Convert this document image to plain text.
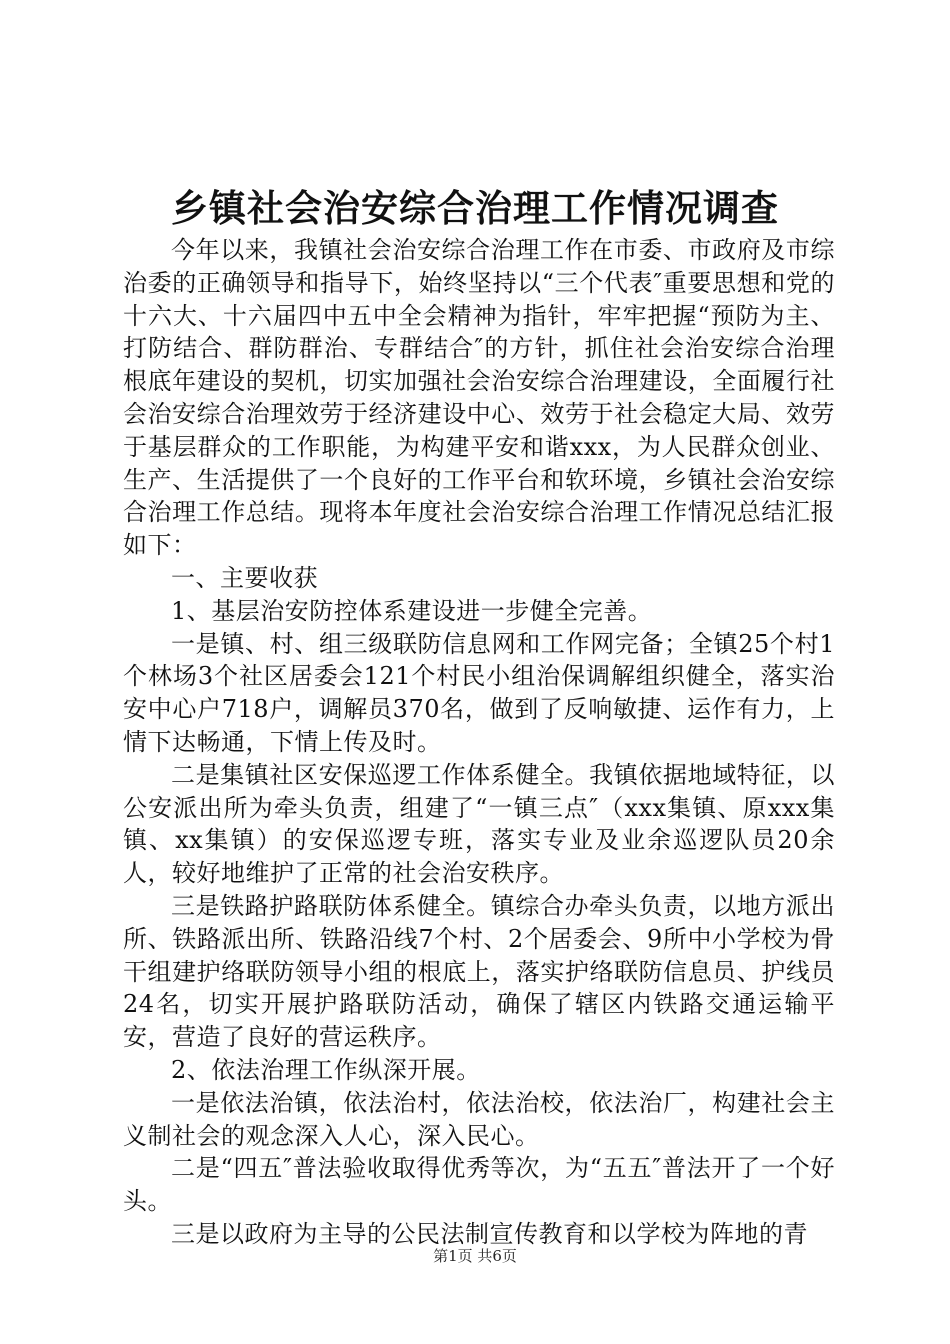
乡镇社会治安综合治理工作情况调查

今年以来，我镇社会治安综合治理工作在市委、市政府及市综治委的正确领导和指导下，始终坚持以“三个代表″重要思想和党的十六大、十六届四中五中全会精神为指针，牢牢把握“预防为主、打防结合、群防群治、专群结合″的方针，抓住社会治安综合治理根底年建设的契机，切实加强社会治安综合治理建设，全面履行社会治安综合治理效劳于经济建设中心、效劳于社会稳定大局、效劳于基层群众的工作职能，为构建平安和谐xxx，为人民群众创业、生产、生活提供了一个良好的工作平台和软环境，乡镇社会治安综合治理工作总结。现将本年度社会治安综合治理工作情况总结汇报如下：

一、主要收获

1、基层治安防控体系建设进一步健全完善。

一是镇、村、组三级联防信息网和工作网完备；全镇25个村1个林场3个社区居委会121个村民小组治保调解组织健全，落实治安中心户718户，调解员370名，做到了反响敏捷、运作有力，上情下达畅通，下情上传及时。

二是集镇社区安保巡逻工作体系健全。我镇依据地域特征，以公安派出所为牵头负责，组建了“一镇三点″（xxx集镇、原xxx集镇、xx集镇）的安保巡逻专班，落实专业及业余巡逻队员20余人，较好地维护了正常的社会治安秩序。

三是铁路护路联防体系健全。镇综合办牵头负责，以地方派出所、铁路派出所、铁路沿线7个村、2个居委会、9所中小学校为骨干组建护络联防领导小组的根底上，落实护络联防信息员、护线员24名，切实开展护路联防活动，确保了辖区内铁路交通运输平安，营造了良好的营运秩序。

2、依法治理工作纵深开展。

一是依法治镇，依法治村，依法治校，依法治厂，构建社会主义制社会的观念深入人心，深入民心。

二是“四五″普法验收取得优秀等次，为“五五″普法开了一个好头。

三是以政府为主导的公民法制宣传教育和以学校为阵地的青

第1页 共6页
